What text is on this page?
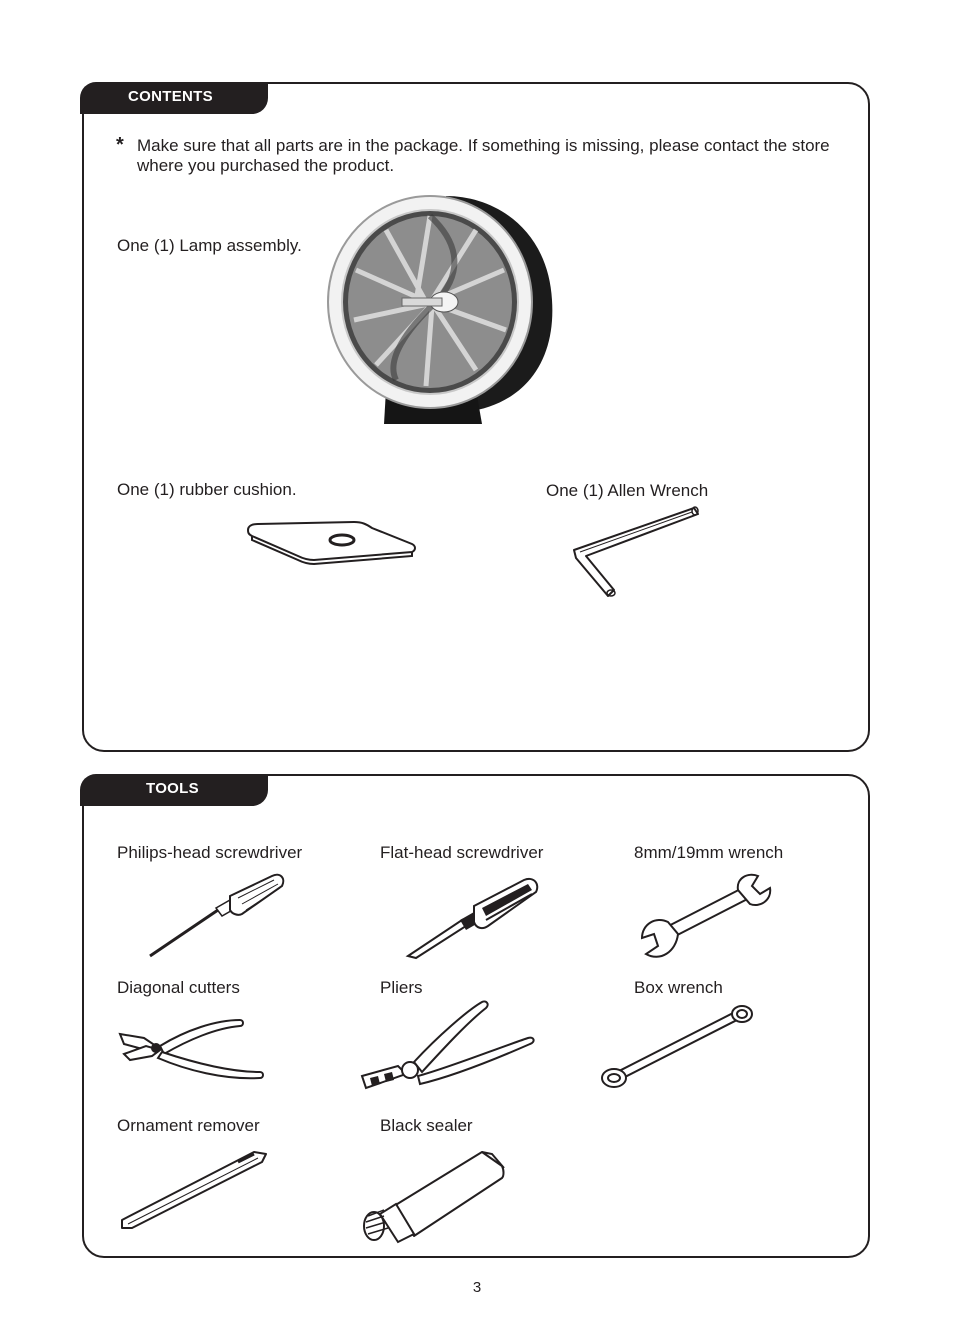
CONTENTS
* Make sure that all parts are in the package. If something is missing, please contact the store where you purchased the product.
One (1) Lamp assembly.
One (1) rubber cushion.	One (1) Allen Wrench
TOOLS
Philips-head screwdriver	Flat-head screwdriver	8mm/19mm wrench
Diagonal cutters	Pliers	Box wrench
Ornament remover	Black sealer
3
